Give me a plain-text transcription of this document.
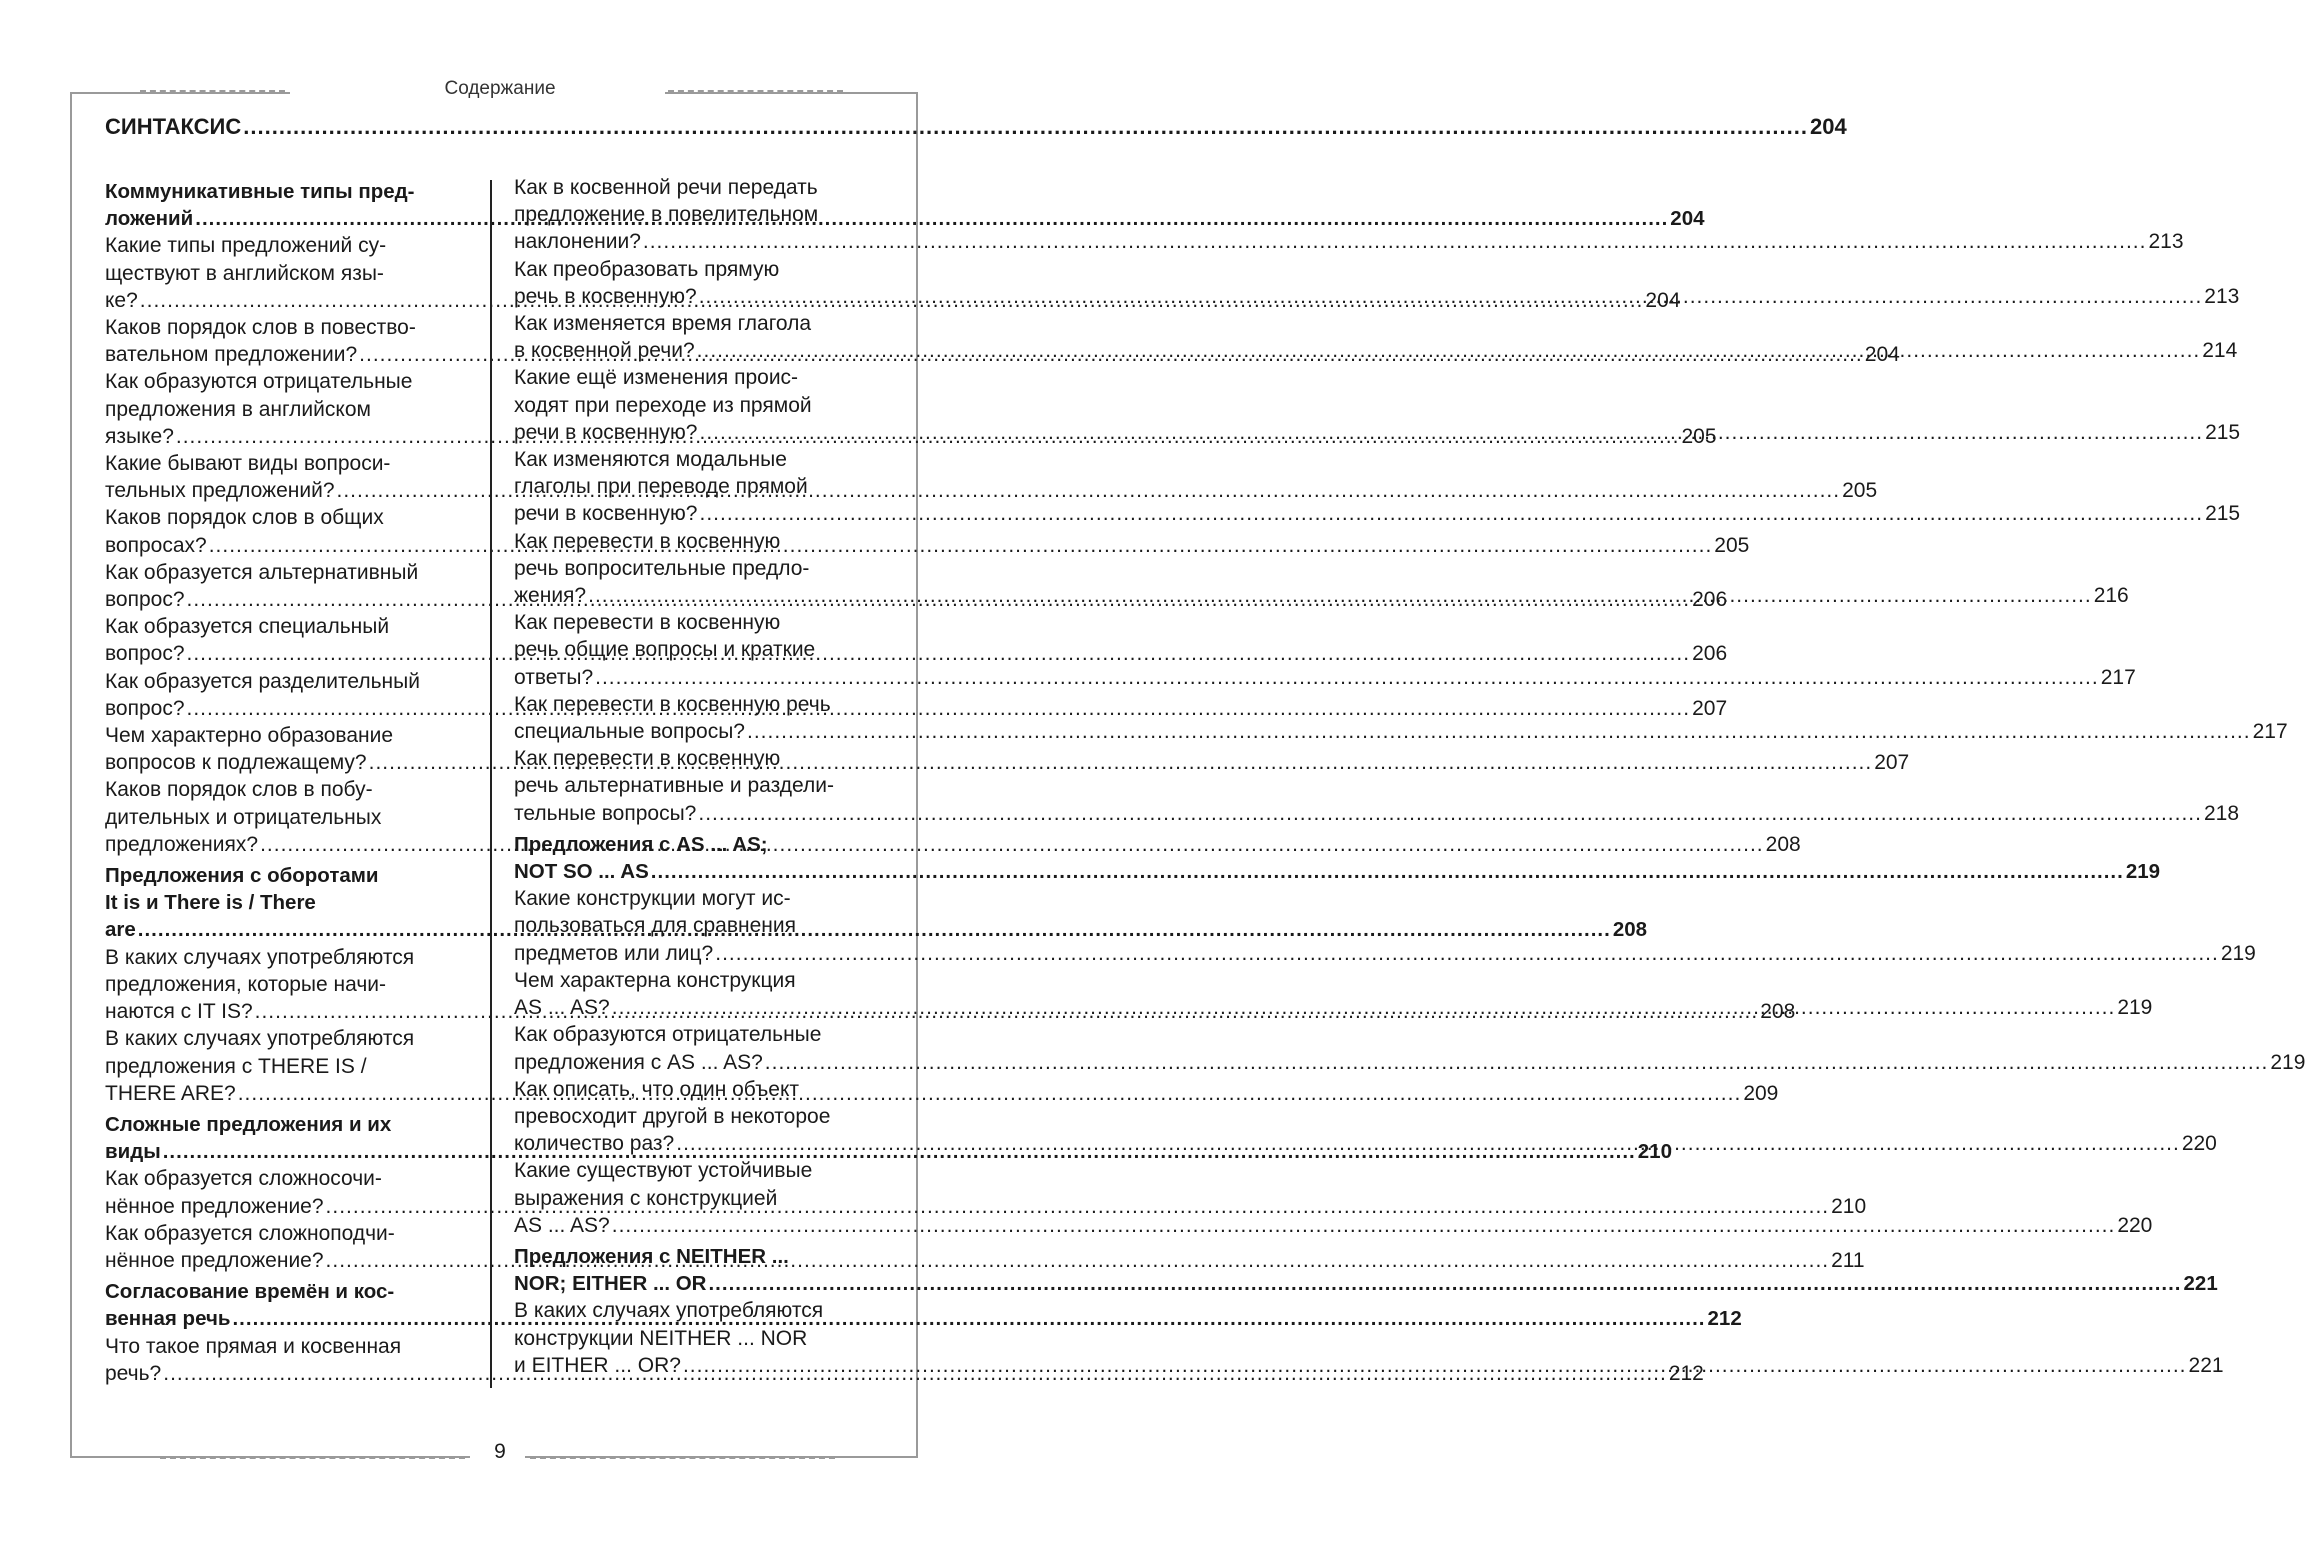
Содержание
СИНТАКСИС .....	204
Коммуникативные типы пред-
ложений .....	204
Какие типы предложений су-
ществуют в английском язы-
ке? .....	204
Каков порядок слов в повество-
вательном предложении? .....	204
Как образуются отрицательные
предложения в английском
языке? .....	205
Какие бывают виды вопроси-
тельных предложений? .....	205
Каков порядок слов в общих
вопросах? .....	205
Как образуется альтернативный
вопрос? .....	206
Как образуется специальный
вопрос? .....	206
Как образуется разделительный
вопрос? .....	207
Чем характерно образование
вопросов к подлежащему? .....	207
Каков порядок слов в побу-
дительных и отрицательных
предложениях? .....	208
Предложения с оборотами
It is и There is / There
are .....	208
В каких случаях употребляются
предложения, которые начи-
наются с IT IS? .....	208
В каких случаях употребляются
предложения с THERE IS /
THERE ARE? .....	209
Сложные предложения и их
виды .....	210
Как образуется сложносочи-
нённое предложение? .....	210
Как образуется сложноподчи-
нённое предложение? .....	211
Согласование времён и кос-
венная речь .....	212
Что такое прямая и косвенная
речь? .....	212
Как в косвенной речи передать
предложение в повелительном
наклонении? .....	213
Как преобразовать прямую
речь в косвенную? .....	213
Как изменяется время глагола
в косвенной речи? .....	214
Какие ещё изменения проис-
ходят при переходе из прямой
речи в косвенную? .....	215
Как изменяются модальные
глаголы при переводе прямой
речи в косвенную? .....	215
Как перевести в косвенную
речь вопросительные предло-
жения? .....	216
Как перевести в косвенную
речь общие вопросы и краткие
ответы? .....	217
Как перевести в косвенную речь
специальные вопросы? .....	217
Как перевести в косвенную
речь альтернативные и раздели-
тельные вопросы? .....	218
Предложения с AS ... AS;
NOT SO ... AS .....	219
Какие конструкции могут ис-
пользоваться для сравнения
предметов или лиц? .....	219
Чем характерна конструкция
AS ... AS? .....	219
Как образуются отрицательные
предложения с AS ... AS? .....	219
Как описать, что один объект
превосходит другой в некоторое
количество раз? .....	220
Какие существуют устойчивые
выражения с конструкцией
AS ... AS? .....	220
Предложения с NEITHER ...
NOR; EITHER ... OR .....	221
В каких случаях употребляются
конструкции NEITHER ... NOR
и EITHER ... OR? .....	221
9
